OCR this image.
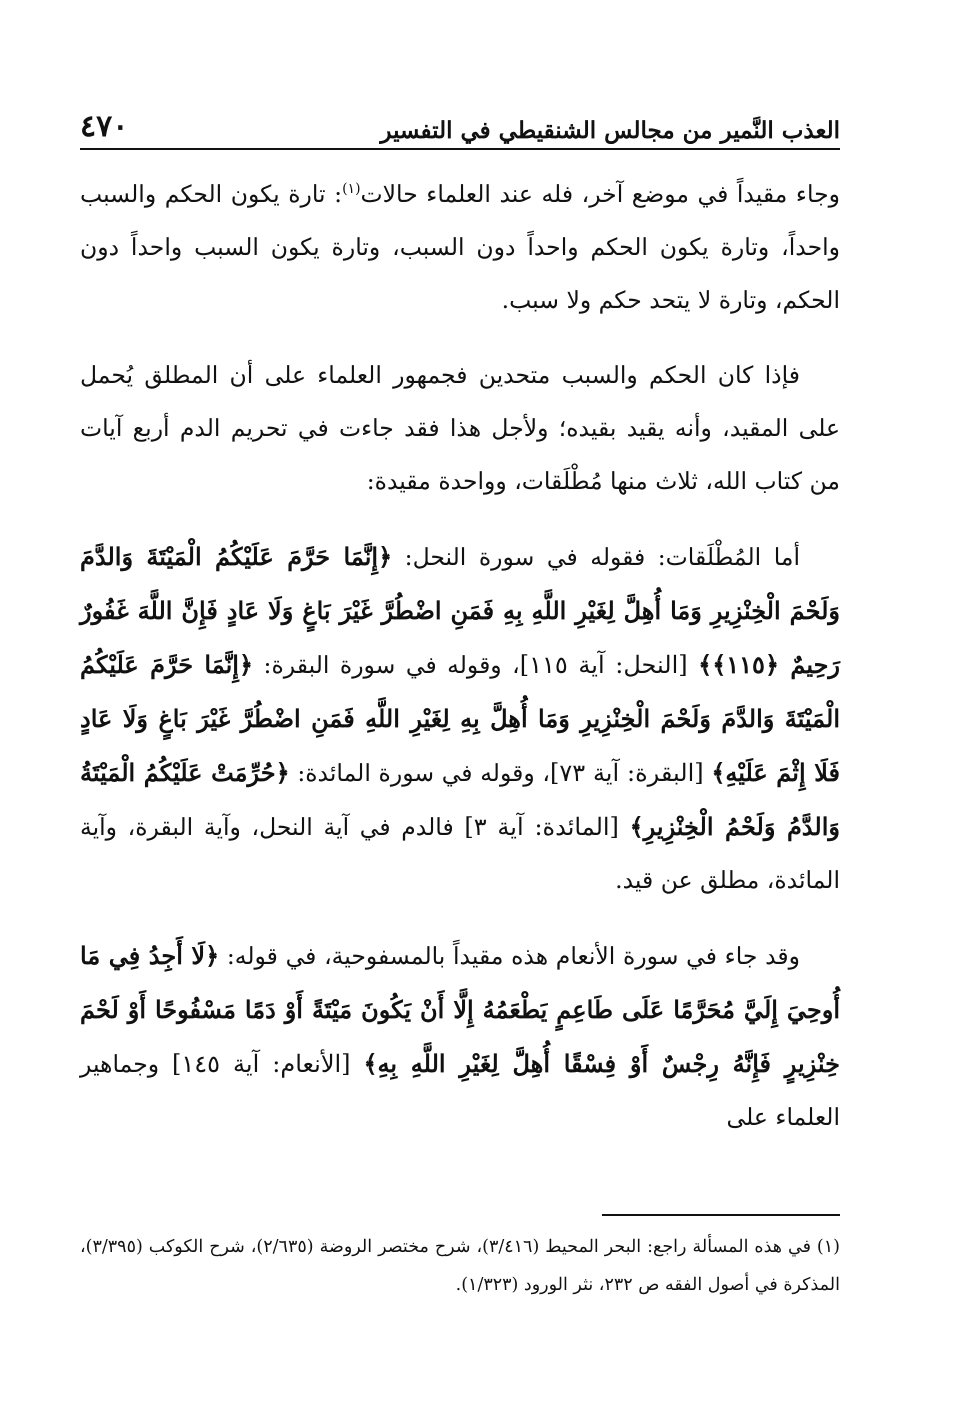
العذب النَّمير من مجالس الشنقيطي في التفسير
٤٧٠

وجاء مقيداً في موضع آخر، فله عند العلماء حالات$^{(١)}$: تارة يكون الحكم والسبب واحداً، وتارة يكون الحكم واحداً دون السبب، وتارة يكون السبب واحداً دون الحكم، وتارة لا يتحد حكم ولا سبب.

فإذا كان الحكم والسبب متحدين فجمهور العلماء على أن المطلق يُحمل على المقيد، وأنه يقيد بقيده؛ ولأجل هذا فقد جاءت في تحريم الدم أربع آيات من كتاب الله، ثلاث منها مُطْلَقات، وواحدة مقيدة:

أما المُطْلَقات: فقوله في سورة النحل: ﴿إِنَّمَا حَرَّمَ عَلَيْكُمُ الْمَيْتَةَ وَالدَّمَ وَلَحْمَ الْخِنْزِيرِ وَمَا أُهِلَّ لِغَيْرِ اللَّهِ بِهِ فَمَنِ اضْطُرَّ غَيْرَ بَاغٍ وَلَا عَادٍ فَإِنَّ اللَّهَ غَفُورٌ رَحِيمٌ ﴿١١٥﴾﴾ [النحل: آية ١١٥]، وقوله في سورة البقرة: ﴿إِنَّمَا حَرَّمَ عَلَيْكُمُ الْمَيْتَةَ وَالدَّمَ وَلَحْمَ الْخِنْزِيرِ وَمَا أُهِلَّ بِهِ لِغَيْرِ اللَّهِ فَمَنِ اضْطُرَّ غَيْرَ بَاغٍ وَلَا عَادٍ فَلَا إِثْمَ عَلَيْهِ﴾ [البقرة: آية ٧٣]، وقوله في سورة المائدة: ﴿حُرِّمَتْ عَلَيْكُمُ الْمَيْتَةُ وَالدَّمُ وَلَحْمُ الْخِنْزِيرِ﴾ [المائدة: آية ٣] فالدم في آية النحل، وآية البقرة، وآية المائدة، مطلق عن قيد.

وقد جاء في سورة الأنعام هذه مقيداً بالمسفوحية، في قوله: ﴿لَا أَجِدُ فِي مَا أُوحِيَ إِلَيَّ مُحَرَّمًا عَلَى طَاعِمٍ يَطْعَمُهُ إِلَّا أَنْ يَكُونَ مَيْتَةً أَوْ دَمًا مَسْفُوحًا أَوْ لَحْمَ خِنْزِيرٍ فَإِنَّهُ رِجْسٌ أَوْ فِسْقًا أُهِلَّ لِغَيْرِ اللَّهِ بِهِ﴾ [الأنعام: آية ١٤٥] وجماهير العلماء على

(١) في هذه المسألة راجع: البحر المحيط (٣/٤١٦)، شرح مختصر الروضة (٢/٦٣٥)، شرح الكوكب (٣/٣٩٥)، المذكرة في أصول الفقه ص ٢٣٢، نثر الورود (١/٣٢٣).
